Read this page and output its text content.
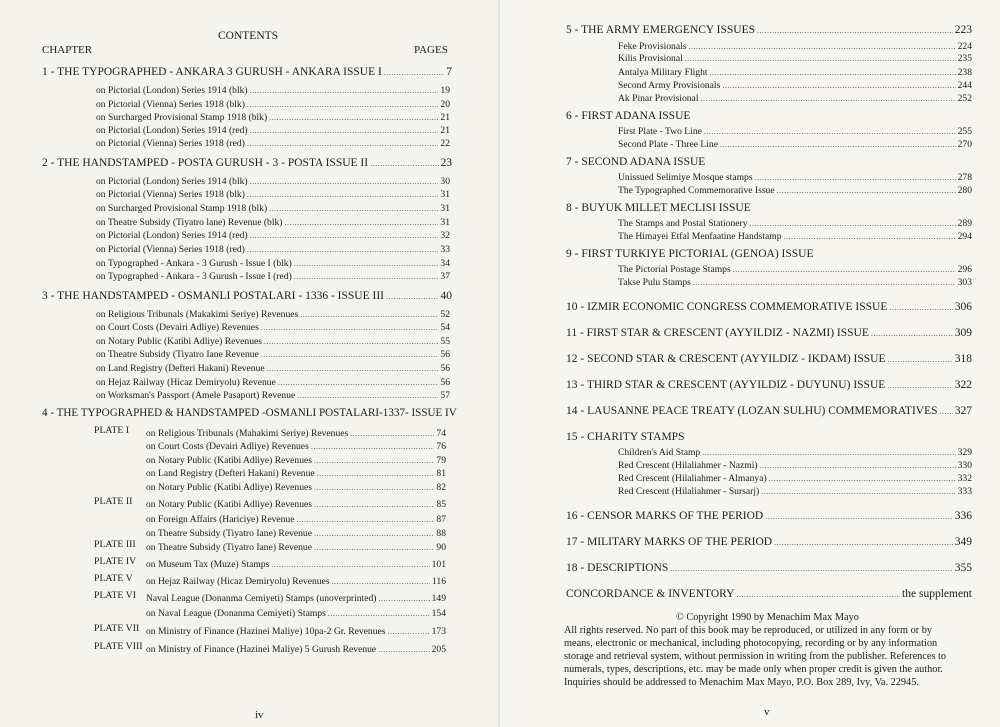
CONTENTS
CHAPTER	PAGES
1 - THE TYPOGRAPHED - ANKARA 3 GURUSH - ANKARA ISSUE I .....	7
on Pictorial (London) Series 1914 (blk) .....	19
on Pictorial (Vienna) Series 1918 (blk) .....	20
on Surcharged Provisional Stamp 1918 (blk) .....	21
on Pictorial (London) Series 1914 (red) .....	21
on Pictorial (Vienna) Series 1918 (red) .....	22
2 - THE HANDSTAMPED - POSTA GURUSH - 3 - POSTA ISSUE II .....	23
on Pictorial (London) Series 1914 (blk) .....	30
on Pictorial (Vienna) Series 1918 (blk) .....	31
on Surcharged Provisional Stamp 1918 (blk) .....	31
on Theatre Subsidy (Tiyatro lane) Revenue (blk) .....	31
on Pictorial (London) Series 1914 (red) .....	32
on Pictorial (Vienna) Series 1918 (red) .....	33
on Typographed - Ankara - 3 Gurush - Issue I (blk) .....	34
on Typographed - Ankara - 3 Gurush - Issue I (red) .....	37
3 - THE HANDSTAMPED - OSMANLI POSTALARI - 1336 - ISSUE III .....	40
on Religious Tribunals (Makakimi Seriye) Revenues .....	52
on Court Costs (Devairi Adliye) Revenues .....	54
on Notary Public (Katibi Adliye) Revenues .....	55
on Theatre Subsidy (Tiyatro Iane Revenue .....	56
on Land Registry (Defteri Hakani) Revenue .....	56
on Hejaz Railway (Hicaz Demiryolu) Revenue .....	56
on Worksman's Passport (Amele Pasaport) Revenue .....	57
4 - THE TYPOGRAPHED & HANDSTAMPED -OSMANLI POSTALARI-1337- ISSUE IV
PLATE I on Religious Tribunals (Mahakimi Seriye) Revenues .....	74
on Court Costs (Devairi Adliye) Revenues .....	76
on Notary Public (Katibi Adliye) Revenues .....	79
on Land Registry (Defteri Hakani) Revenue .....	81
on Notary Public (Katibi Adliye) Revenues .....	82
PLATE II on Notary Public (Katibi Adliye) Revenues .....	85
on Foreign Affairs (Hariciye) Revenue .....	87
on Theatre Subsidy (Tiyatro Iane) Revenue .....	88
PLATE III on Theatre Subsidy (Tiyatro Iane) Revenue .....	90
PLATE IV on Museum Tax (Muze) Stamps .....	101
PLATE V on Hejaz Railway (Hicaz Demiryolu) Revenues .....	116
PLATE VI Naval League (Donanma Cemiyeti) Stamps (unoverprinted) .....	149
on Naval League (Donanma Cemiyeti) Stamps .....	154
PLATE VII on Ministry of Finance (Hazinei Maliye) 10pa-2 Gr. Revenues .....	173
PLATE VIII on Ministry of Finance (Hazinei Maliye) 5 Gurush Revenue .....	205
iv
5 - THE ARMY EMERGENCY ISSUES .....	223
Feke Provisionals .....	224
Kilis Provisional .....	235
Antalya Military Flight .....	238
Second Army Provisionals .....	244
Ak Pinar Provisional .....	252
6 - FIRST ADANA ISSUE
First Plate - Two Line .....	255
Second Plate - Three Line .....	270
7 - SECOND ADANA ISSUE
Unissued Selimiye Mosque stamps .....	278
The Typographed Commemorative Issue .....	280
8 - BUYUK MILLET MECLISI ISSUE
The Stamps and Postal Stationery .....	289
The Himayei Etfal Menfaatine Handstamp .....	294
9 - FIRST TURKIYE PICTORIAL (GENOA) ISSUE
The Pictorial Postage Stamps .....	296
Takse Pulu Stamps .....	303
10 - IZMIR ECONOMIC CONGRESS COMMEMORATIVE ISSUE .....	306
11 - FIRST STAR & CRESCENT (AYYILDIZ - NAZMI) ISSUE .....	309
12 - SECOND STAR & CRESCENT (AYYILDIZ - IKDAM) ISSUE .....	318
13 - THIRD STAR & CRESCENT (AYYILDIZ - DUYUNU) ISSUE .....	322
14 - LAUSANNE PEACE TREATY (LOZAN SULHU) COMMEMORATIVES ..... 327
15 - CHARITY STAMPS
Children's Aid Stamp .....	329
Red Crescent (Hilaliahmer - Nazmi) .....	330
Red Crescent (Hilaliahmer - Almanya) .....	332
Red Crescent (Hilaliahmer - Sursarj) .....	333
16 - CENSOR MARKS OF THE PERIOD .....	336
17 - MILITARY MARKS OF THE PERIOD .....	349
18 - DESCRIPTIONS .....	355
CONCORDANCE & INVENTORY .....	the supplement
© Copyright 1990 by Menachim Max Mayo
All rights reserved. No part of this book may be reproduced, or utilized in any form or by
means, electronic or mechanical, including photocopying, recording or by any information
storage and retrieval system, without permission in writing from the publisher. References to
numerals, types, descriptions, etc. may be made only when proper credit is given the author.
Inquiries should be addressed to Menachim Max Mayo, P.O. Box 289, Ivy, Va. 22945.
v
